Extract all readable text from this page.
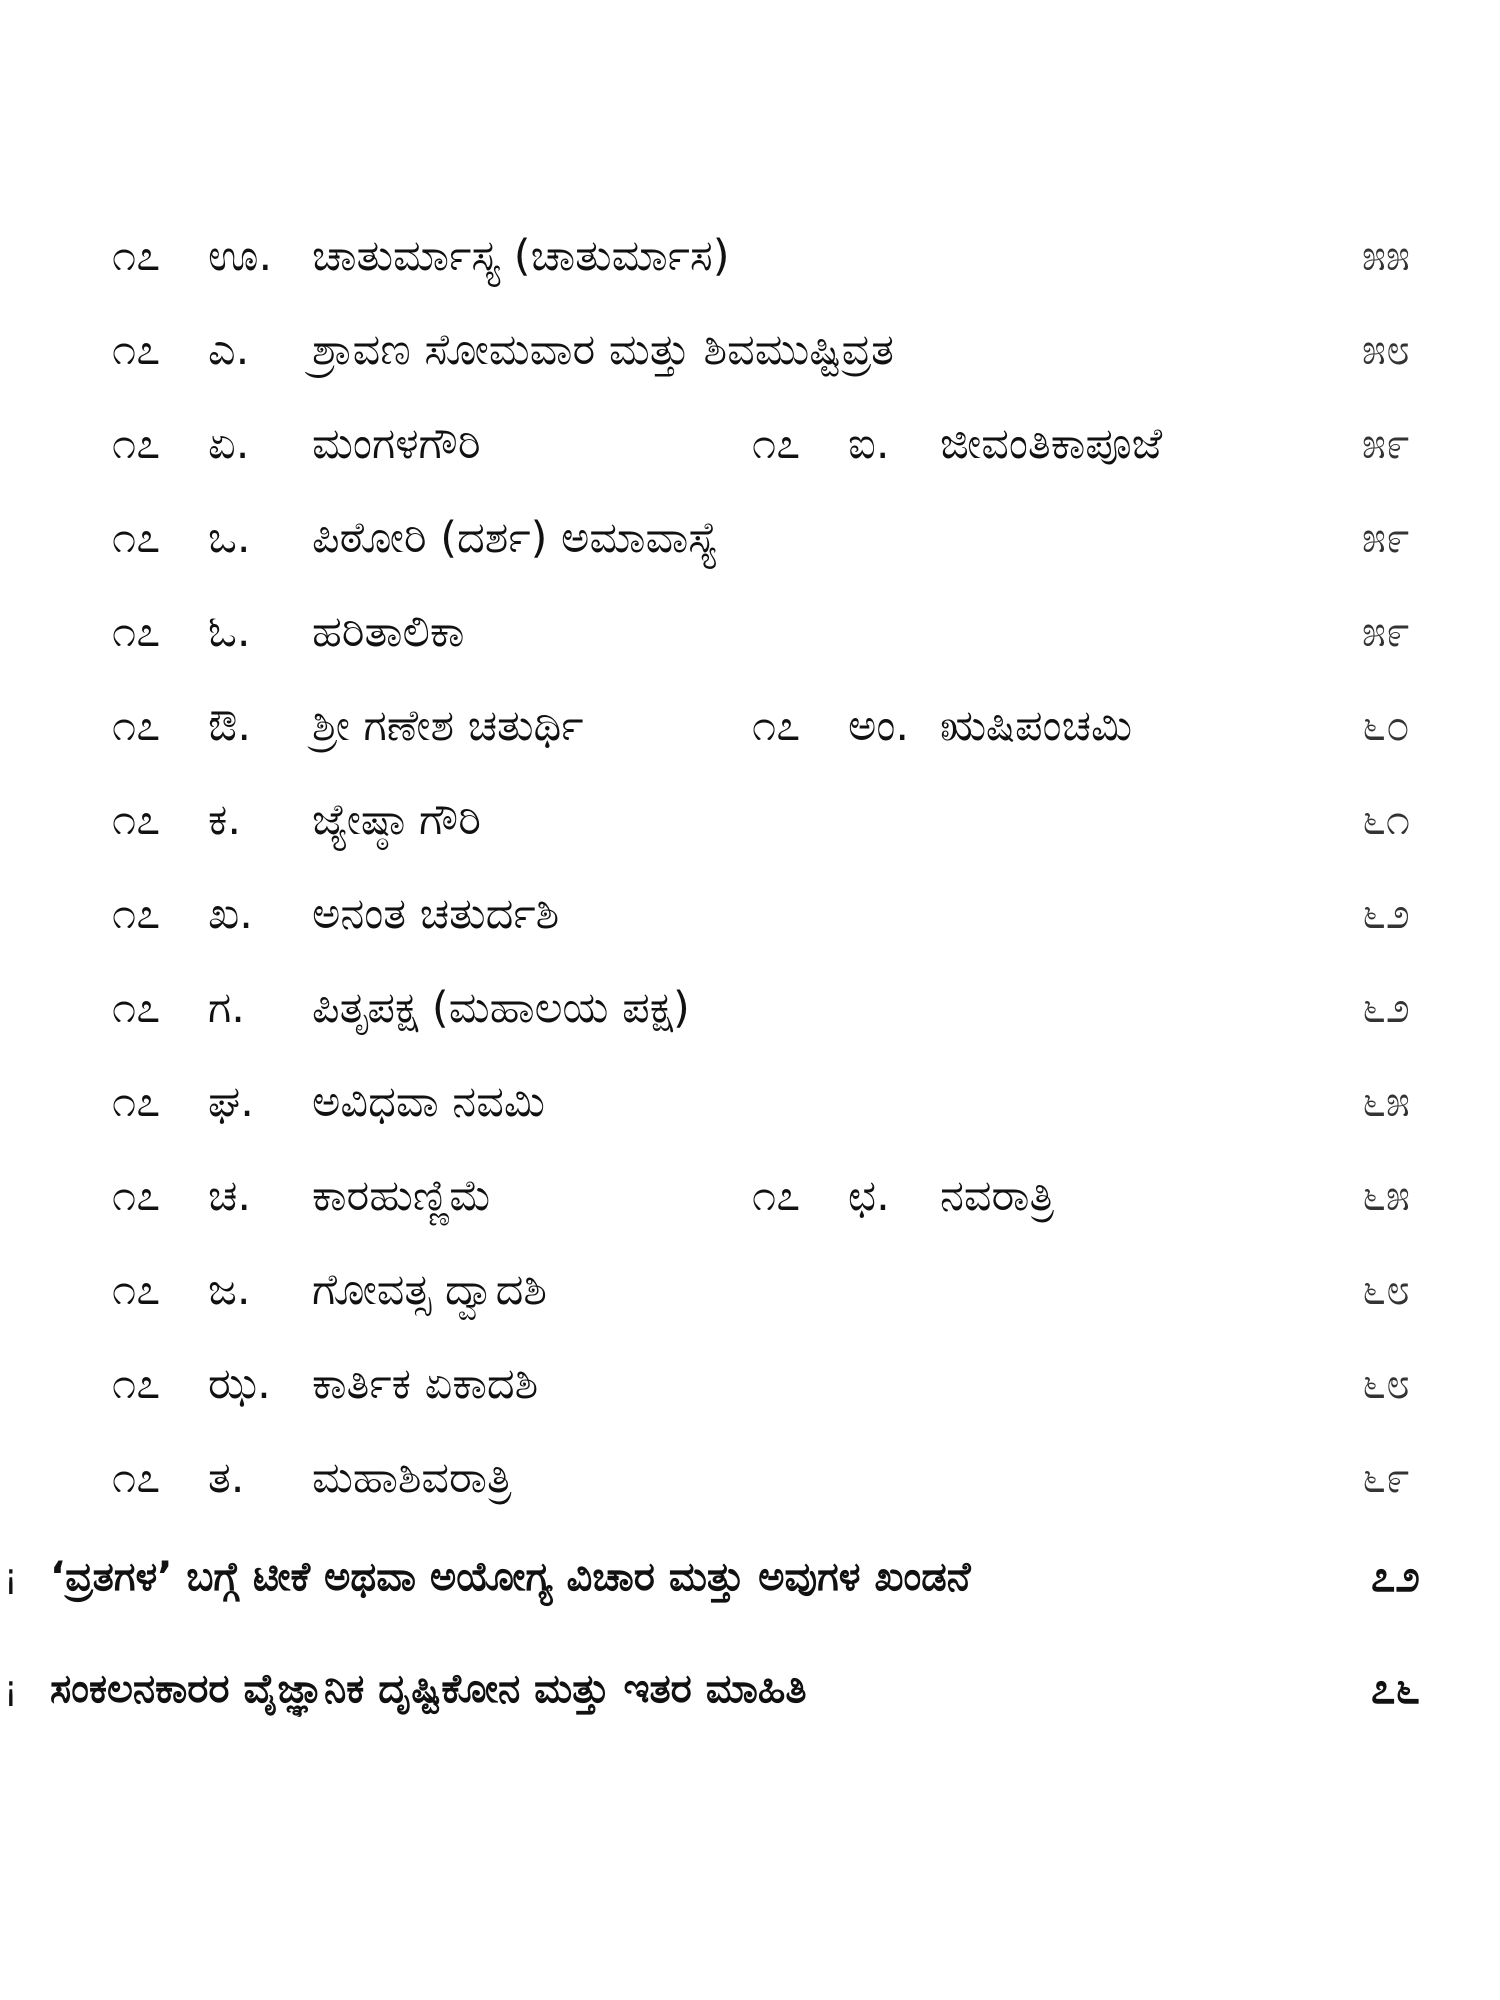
೧೭ ಊ. ಚಾತುರ್ಮಾಸ್ಯ (ಚಾತುರ್ಮಾಸ)	೫೫
೧೭ ಎ. ಶ್ರಾವಣ ಸೋಮವಾರ ಮತ್ತು ಶಿವಮುಷ್ಟಿವ್ರತ	೫೮
೧೭ ಏ. ಮಂಗಳಗೌರಿ	೧೭ ಐ. ಜೀವಂತಿಕಾಪೂಜೆ	೫೯
೧೭ ಒ. ಪಿಠೋರಿ (ದರ್ಶ) ಅಮಾವಾಸ್ಯೆ	೫೯
೧೭ ಓ. ಹರಿತಾಲಿಕಾ	೫೯
೧೭ ಔ. ಶ್ರೀ ಗಣೇಶ ಚತುರ್ಥಿ	೧೭ ಅಂ. ಋಷಿಪಂಚಮಿ	೬೦
೧೭ ಕ. ಜ್ಯೇಷ್ಠಾ ಗೌರಿ	೬೧
೧೭ ಖ. ಅನಂತ ಚತುರ್ದಶಿ	೬೨
೧೭ ಗ. ಪಿತೃಪಕ್ಷ (ಮಹಾಲಯ ಪಕ್ಷ)	೬೨
೧೭ ಘ. ಅವಿಧವಾ ನವಮಿ	೬೫
೧೭ ಚ. ಕಾರಹುಣ್ಣಿಮೆ	೧೭ ಛ. ನವರಾತ್ರಿ	೬೫
೧೭ ಜ. ಗೋವತ್ಸ ದ್ವಾದಶಿ	೬೮
೧೭ ಝ. ಕಾರ್ತಿಕ ಏಕಾದಶಿ	೬೮
೧೭ ತ. ಮಹಾಶಿವರಾತ್ರಿ	೬೯
¡ ‘ವ್ರತಗಳ’ ಬಗ್ಗೆ ಟೀಕೆ ಅಥವಾ ಅಯೋಗ್ಯ ವಿಚಾರ ಮತ್ತು ಅವುಗಳ ಖಂಡನೆ	೭೨
¡ ಸಂಕಲನಕಾರರ ವೈಜ್ಞಾನಿಕ ದೃಷ್ಟಿಕೋನ ಮತ್ತು ಇತರ ಮಾಹಿತಿ	೭೬
